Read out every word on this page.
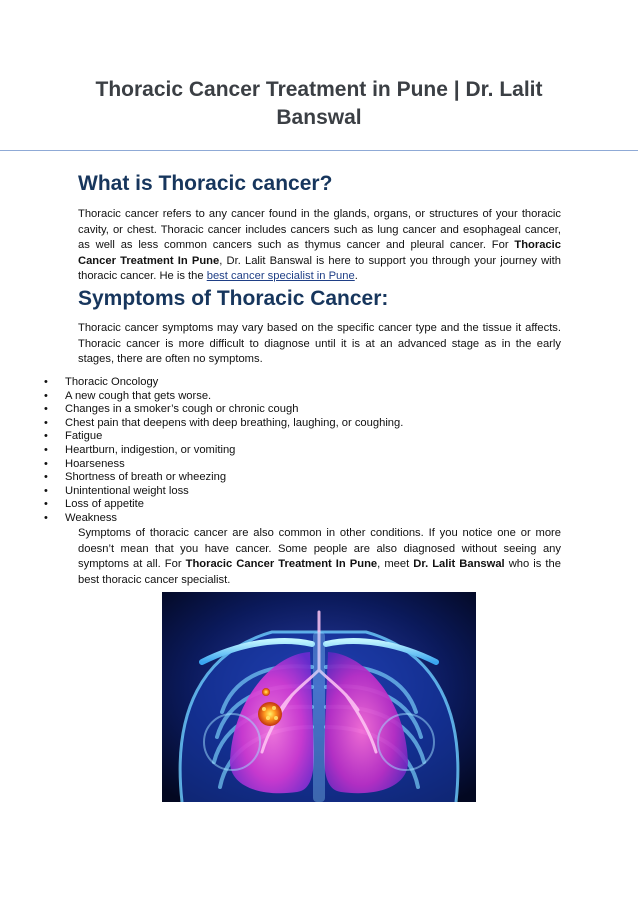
Thoracic Cancer Treatment in Pune | Dr. Lalit Banswal
What is Thoracic cancer?

Thoracic cancer refers to any cancer found in the glands, organs, or structures of your thoracic cavity, or chest. Thoracic cancer includes cancers such as lung cancer and esophageal cancer, as well as less common cancers such as thymus cancer and pleural cancer. For Thoracic Cancer Treatment In Pune, Dr. Lalit Banswal is here to support you through your journey with thoracic cancer. He is the best cancer specialist in Pune.

Symptoms of Thoracic Cancer:

Thoracic cancer symptoms may vary based on the specific cancer type and the tissue it affects. Thoracic cancer is more difficult to diagnose until it is at an advanced stage as in the early stages, there are often no symptoms.

• Thoracic Oncology
• A new cough that gets worse.
• Changes in a smoker’s cough or chronic cough
• Chest pain that deepens with deep breathing, laughing, or coughing.
• Fatigue
• Heartburn, indigestion, or vomiting
• Hoarseness
• Shortness of breath or wheezing
• Unintentional weight loss
• Loss of appetite
• Weakness

Symptoms of thoracic cancer are also common in other conditions. If you notice one or more doesn’t mean that you have cancer. Some people are also diagnosed without seeing any symptoms at all. For Thoracic Cancer Treatment In Pune, meet Dr. Lalit Banswal who is the best thoracic cancer specialist.
